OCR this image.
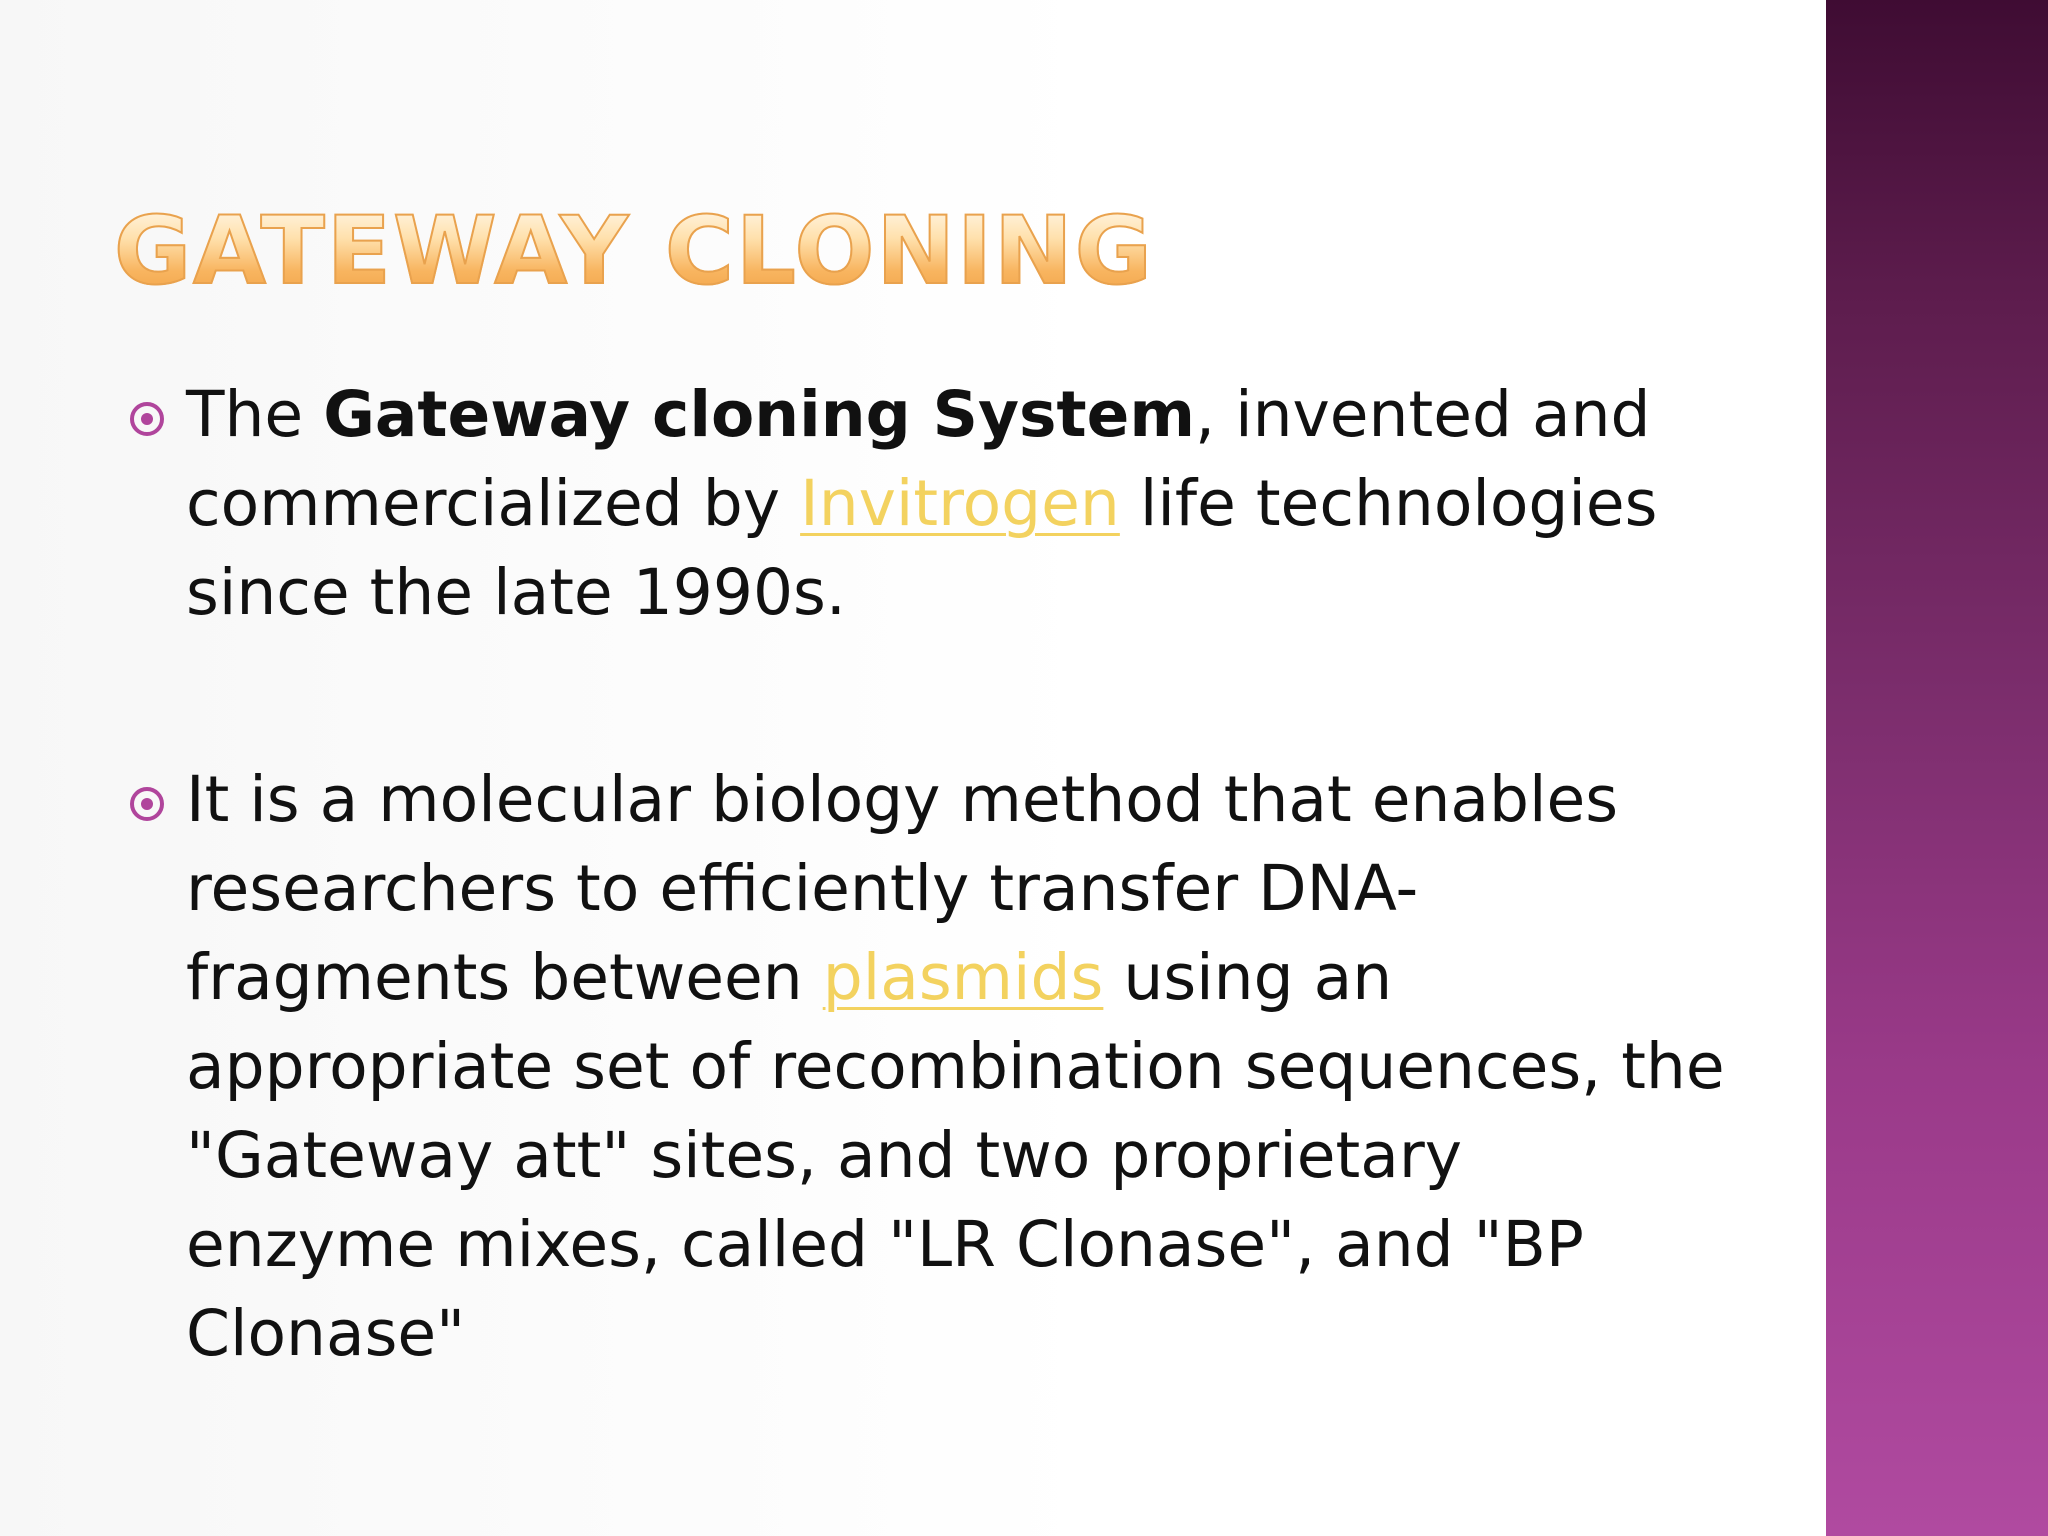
GATEWAY CLONING
The Gateway cloning System, invented and commercialized by Invitrogen life technologies since the late 1990s.
It is a molecular biology method that enables researchers to efficiently transfer DNA-fragments between plasmids using an appropriate set of recombination sequences, the "Gateway att" sites, and two proprietary enzyme mixes, called "LR Clonase", and "BP Clonase"
